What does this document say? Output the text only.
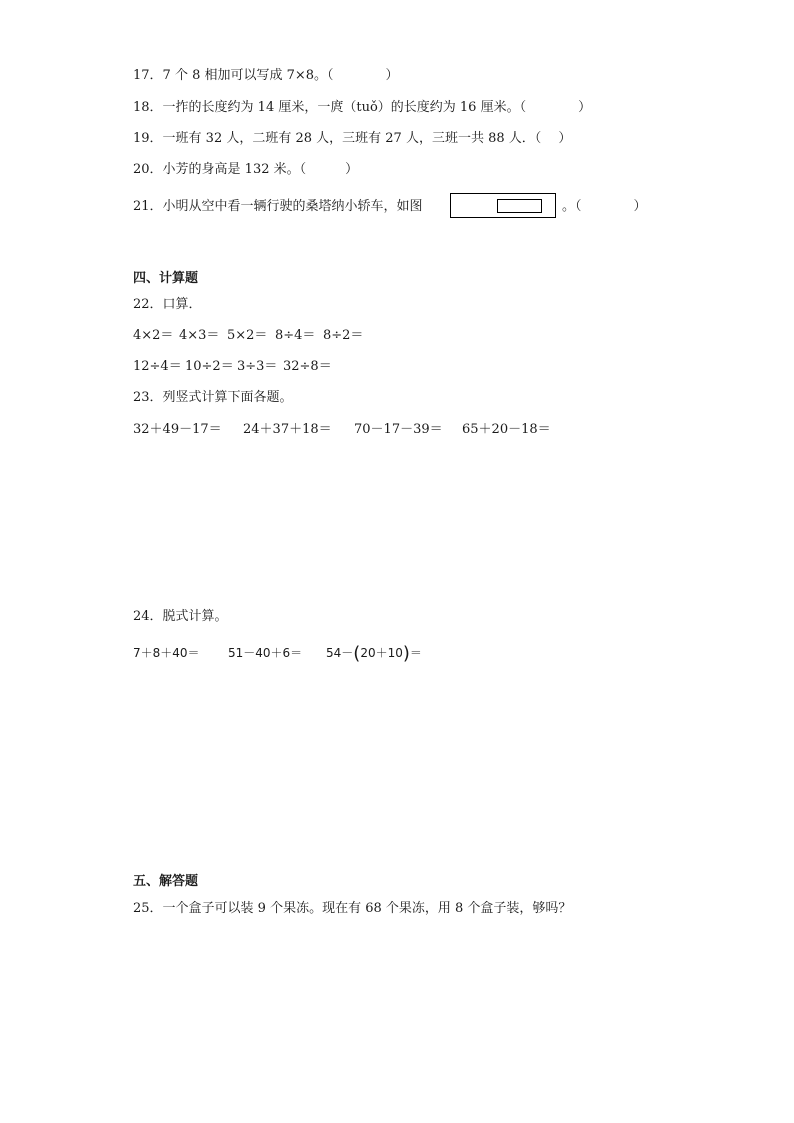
17．7 个 8 相加可以写成 7×8。（　　　　）
18．一拃的长度约为 14 厘米，一庹（tuǒ）的长度约为 16 厘米。（　　　　）
19．一班有 32 人，二班有 28 人，三班有 27 人，三班一共 88 人．（　 ）
20．小芳的身高是 132 米。（　　　）
21．小明从空中看一辆行驶的桑塔纳小轿车，如图	。（　　　　）
四、计算题
22．口算．
4×2＝ 4×3＝ 5×2＝ 8÷4＝ 8÷2＝
12÷4＝ 10÷2＝ 3÷3＝ 32÷8＝
23．列竖式计算下面各题。
32＋49－17＝ 24＋37＋18＝ 70－17－39＝ 65＋20－18＝
24．脱式计算。
7＋8＋40＝ 51－40＋6＝ 54－(20＋10)＝
五、解答题
25．一个盒子可以装 9 个果冻。现在有 68 个果冻，用 8 个盒子装，够吗？
